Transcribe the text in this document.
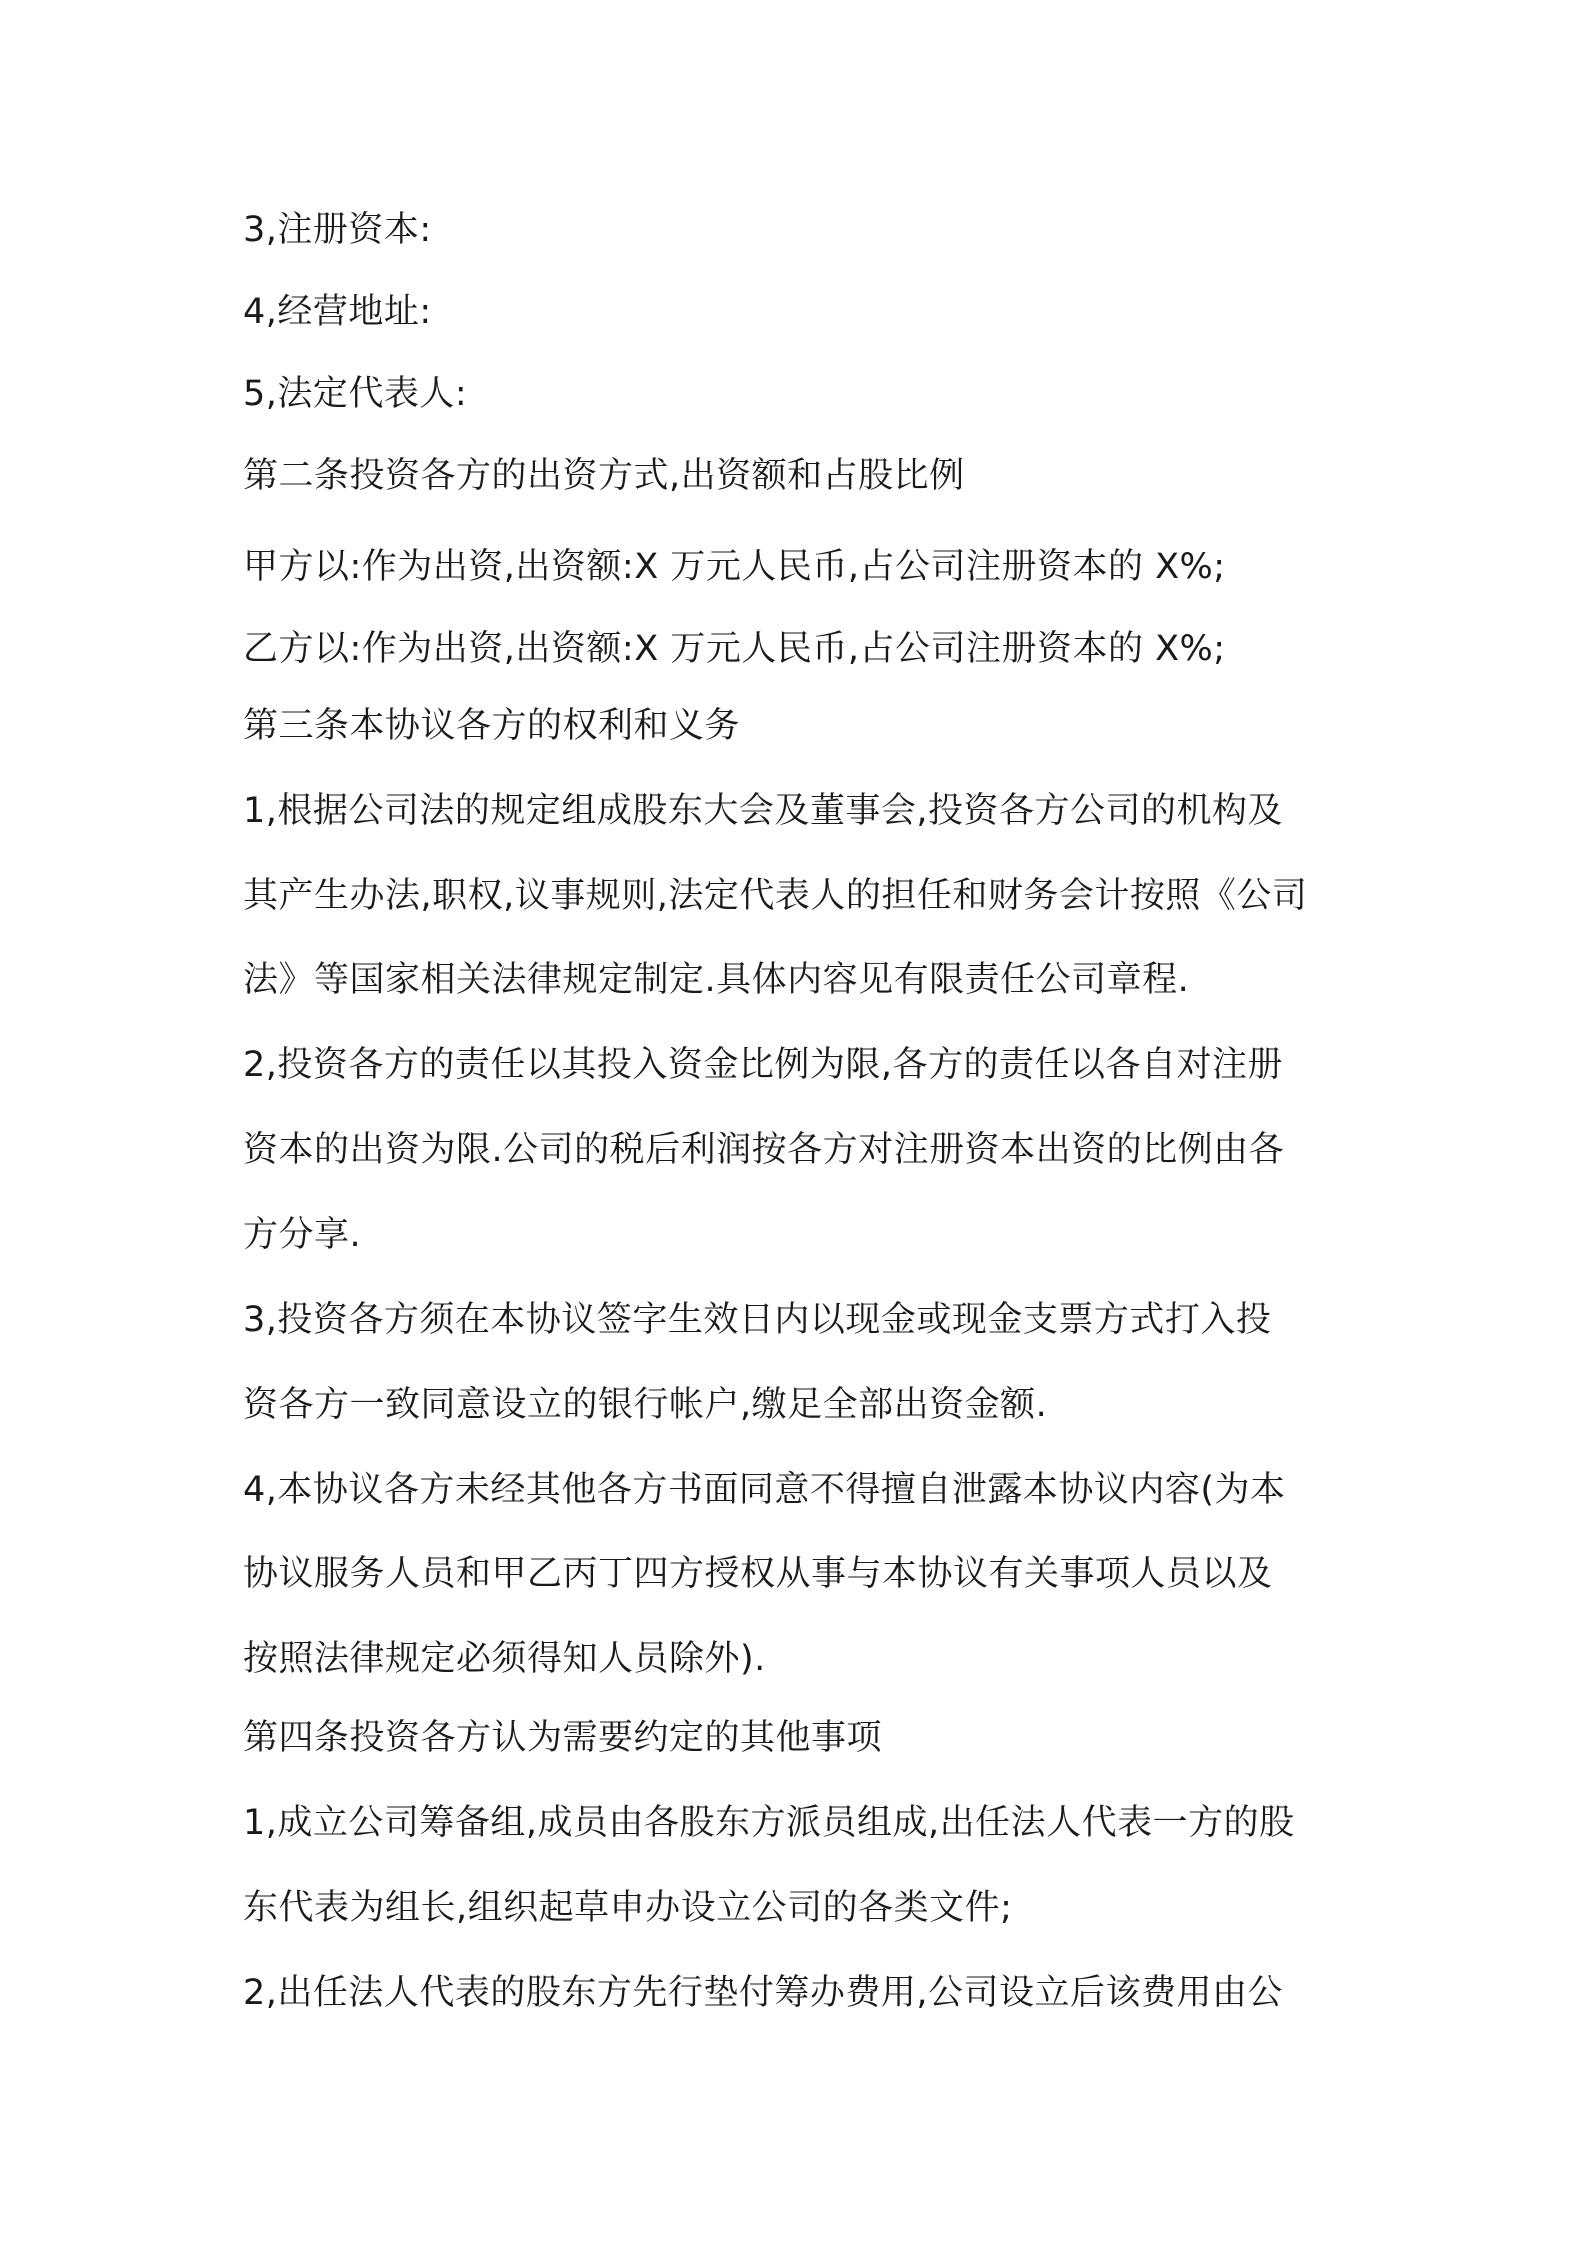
3,注册资本:
4,经营地址:
5,法定代表人:
第二条投资各方的出资方式,出资额和占股比例
甲方以:作为出资,出资额:X 万元人民币,占公司注册资本的 X%;
乙方以:作为出资,出资额:X 万元人民币,占公司注册资本的 X%;
第三条本协议各方的权利和义务
1,根据公司法的规定组成股东大会及董事会,投资各方公司的机构及
其产生办法,职权,议事规则,法定代表人的担任和财务会计按照《公司
法》等国家相关法律规定制定.具体内容见有限责任公司章程.
2,投资各方的责任以其投入资金比例为限,各方的责任以各自对注册
资本的出资为限.公司的税后利润按各方对注册资本出资的比例由各
方分享.
3,投资各方须在本协议签字生效日内以现金或现金支票方式打入投
资各方一致同意设立的银行帐户,缴足全部出资金额.
4,本协议各方未经其他各方书面同意不得擅自泄露本协议内容(为本
协议服务人员和甲乙丙丁四方授权从事与本协议有关事项人员以及
按照法律规定必须得知人员除外).
第四条投资各方认为需要约定的其他事项
1,成立公司筹备组,成员由各股东方派员组成,出任法人代表一方的股
东代表为组长,组织起草申办设立公司的各类文件;
2,出任法人代表的股东方先行垫付筹办费用,公司设立后该费用由公
